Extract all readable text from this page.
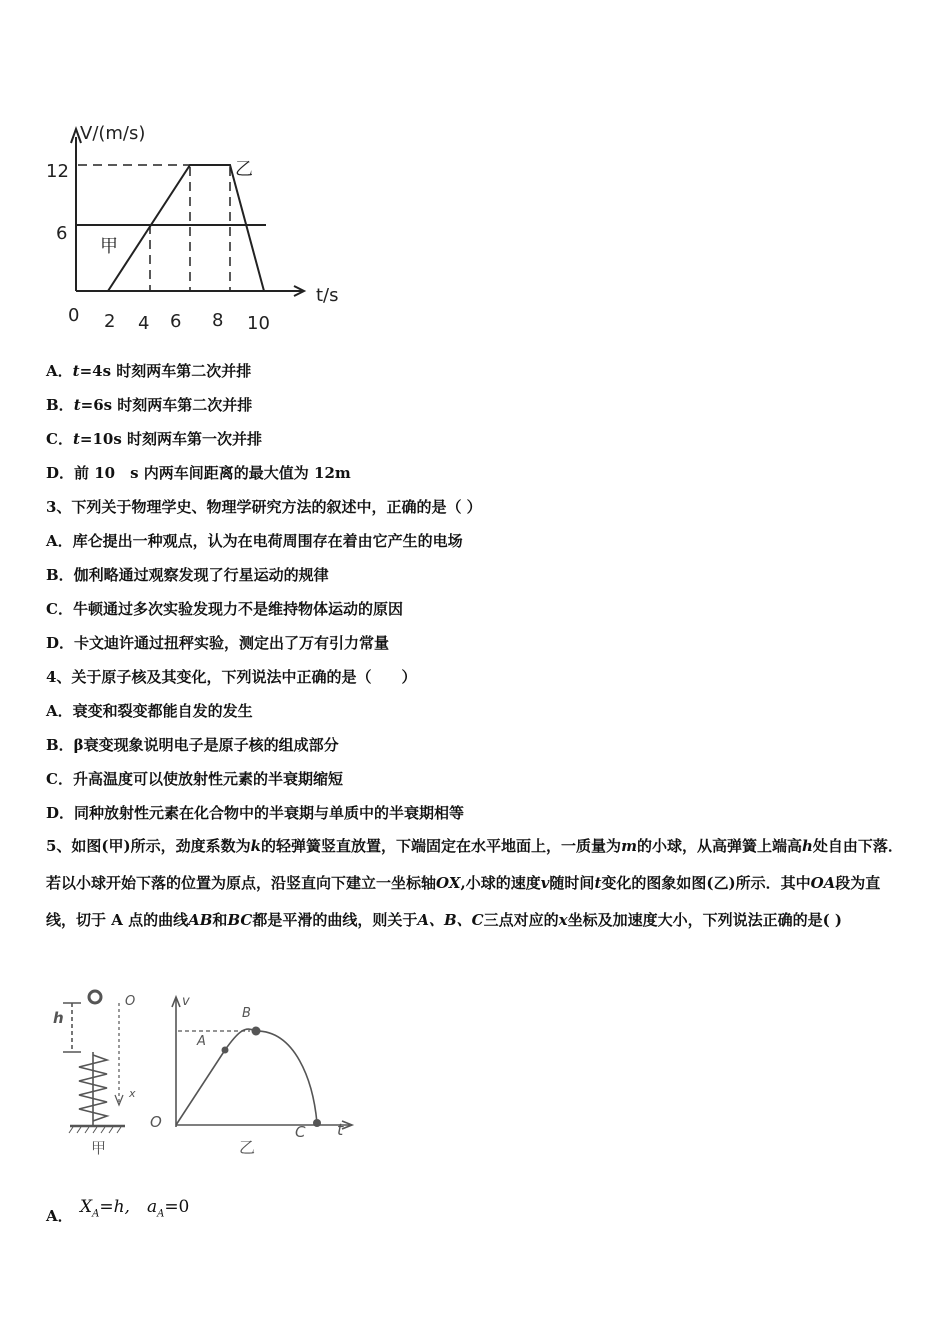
V/(m/s)
t/s
12
6
0 2 4 6 8 10
甲
乙
A．t=4s 时刻两车第二次并排
B．t=6s 时刻两车第二次并排
C．t=10s 时刻两车第一次并排
D．前 10　s 内两车间距离的最大值为 12m
3、下列关于物理学史、物理学研究方法的叙述中，正确的是（ ）
A．库仑提出一种观点，认为在电荷周围存在着由它产生的电场
B．伽利略通过观察发现了行星运动的规律
C．牛顿通过多次实验发现力不是维持物体运动的原因
D．卡文迪许通过扭秤实验，测定出了万有引力常量
4、关于原子核及其变化，下列说法中正确的是（　　）
A．衰变和裂变都能自发的发生
B．β衰变现象说明电子是原子核的组成部分
C．升高温度可以使放射性元素的半衰期缩短
D．同种放射性元素在化合物中的半衰期与单质中的半衰期相等
5、如图(甲)所示，劲度系数为k的轻弹簧竖直放置，下端固定在水平地面上，一质量为m的小球，从高弹簧上端高h处自由下落．若以小球开始下落的位置为原点，沿竖直向下建立一坐标轴OX,小球的速度v随时间t变化的图象如图(乙)所示．其中OA段为直线，切于 A 点的曲线AB和BC都是平滑的曲线，则关于A、B、C三点对应的x坐标及加速度大小，下列说法正确的是( )
h
O
x
甲
v
A
B
C
O	t
乙
A． $X_A=h$,　$a_A=0$
